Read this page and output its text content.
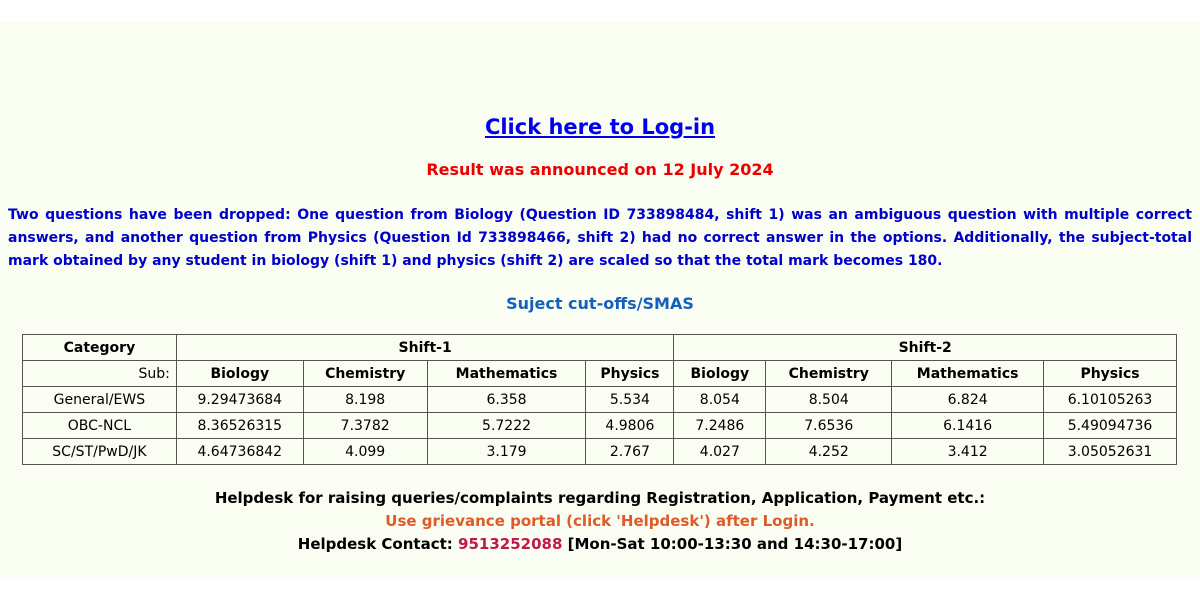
Click here to Log-in
Result was announced on 12 July 2024
Two questions have been dropped: One question from Biology (Question ID 733898484, shift 1) was an ambiguous question with multiple correct answers, and another question from Physics (Question Id 733898466, shift 2) had no correct answer in the options. Additionally, the subject-total mark obtained by any student in biology (shift 1) and physics (shift 2) are scaled so that the total mark becomes 180.
Suject cut-offs/SMAS
Category	Shift-1				Shift-2			
Sub:	Biology	Chemistry	Mathematics	Physics	Biology	Chemistry	Mathematics	Physics
General/EWS	9.29473684	8.198	6.358	5.534	8.054	8.504	6.824	6.10105263
OBC-NCL	8.36526315	7.3782	5.7222	4.9806	7.2486	7.6536	6.1416	5.49094736
SC/ST/PwD/JK	4.64736842	4.099	3.179	2.767	4.027	4.252	3.412	3.05052631
Helpdesk for raising queries/complaints regarding Registration, Application, Payment etc.:
Use grievance portal (click 'Helpdesk') after Login.
Helpdesk Contact: 9513252088 [Mon-Sat 10:00-13:30 and 14:30-17:00]
